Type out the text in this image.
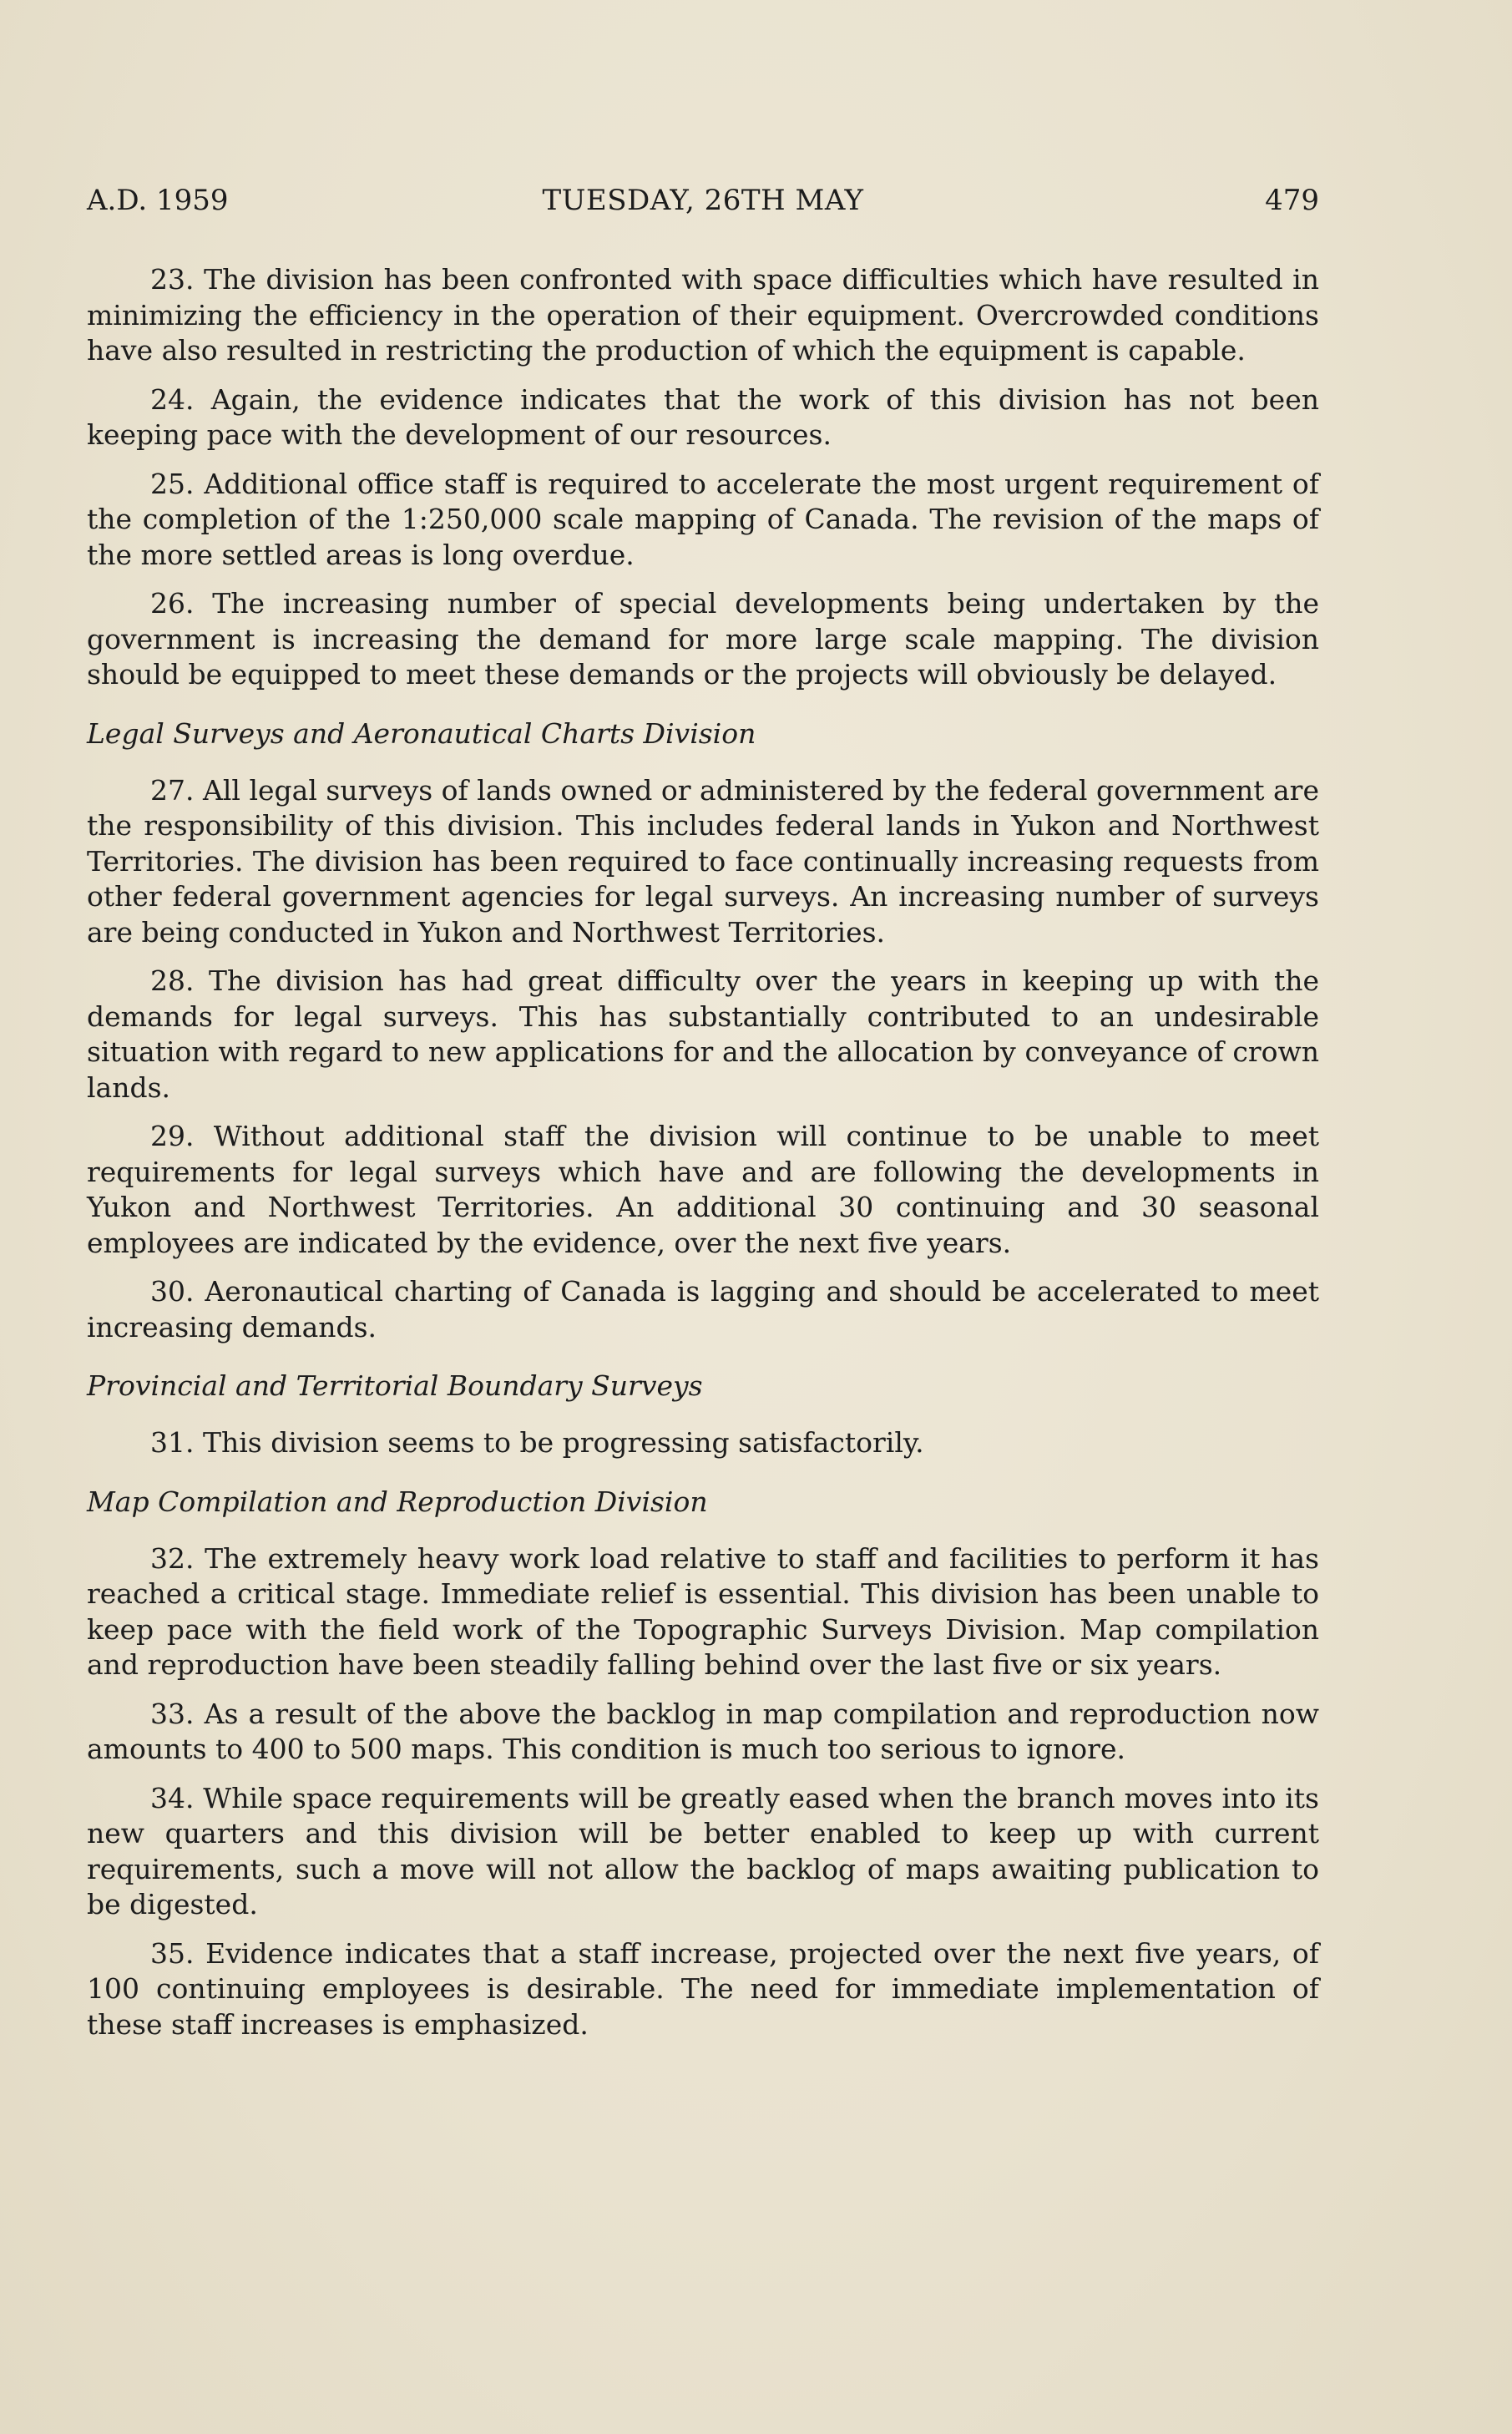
A.D. 1959	TUESDAY, 26TH MAY	479

23. The division has been confronted with space difficulties which have resulted in minimizing the efficiency in the operation of their equipment. Overcrowded conditions have also resulted in restricting the production of which the equipment is capable.

24. Again, the evidence indicates that the work of this division has not been keeping pace with the development of our resources.

25. Additional office staff is required to accelerate the most urgent requirement of the completion of the 1:250,000 scale mapping of Canada. The revision of the maps of the more settled areas is long overdue.

26. The increasing number of special developments being undertaken by the government is increasing the demand for more large scale mapping. The division should be equipped to meet these demands or the projects will obviously be delayed.

Legal Surveys and Aeronautical Charts Division

27. All legal surveys of lands owned or administered by the federal government are the responsibility of this division. This includes federal lands in Yukon and Northwest Territories. The division has been required to face continually increasing requests from other federal government agencies for legal surveys. An increasing number of surveys are being conducted in Yukon and Northwest Territories.

28. The division has had great difficulty over the years in keeping up with the demands for legal surveys. This has substantially contributed to an undesirable situation with regard to new applications for and the allocation by conveyance of crown lands.

29. Without additional staff the division will continue to be unable to meet requirements for legal surveys which have and are following the developments in Yukon and Northwest Territories. An additional 30 continuing and 30 seasonal employees are indicated by the evidence, over the next five years.

30. Aeronautical charting of Canada is lagging and should be accelerated to meet increasing demands.

Provincial and Territorial Boundary Surveys

31. This division seems to be progressing satisfactorily.

Map Compilation and Reproduction Division

32. The extremely heavy work load relative to staff and facilities to perform it has reached a critical stage. Immediate relief is essential. This division has been unable to keep pace with the field work of the Topographic Surveys Division. Map compilation and reproduction have been steadily falling behind over the last five or six years.

33. As a result of the above the backlog in map compilation and reproduction now amounts to 400 to 500 maps. This condition is much too serious to ignore.

34. While space requirements will be greatly eased when the branch moves into its new quarters and this division will be better enabled to keep up with current requirements, such a move will not allow the backlog of maps awaiting publication to be digested.

35. Evidence indicates that a staff increase, projected over the next five years, of 100 continuing employees is desirable. The need for immediate implementation of these staff increases is emphasized.
